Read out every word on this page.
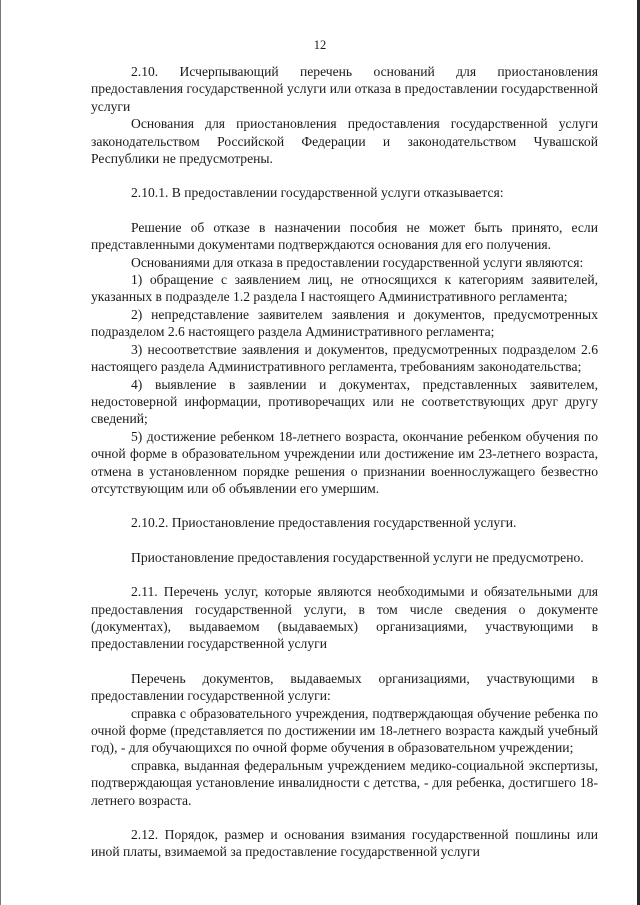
12

2.10. Исчерпывающий перечень оснований для приостановления предоставления государственной услуги или отказа в предоставлении государственной услуги

Основания для приостановления предоставления государственной услуги законодательством Российской Федерации и законодательством Чувашской Республики не предусмотрены.

2.10.1. В предоставлении государственной услуги отказывается:

Решение об отказе в назначении пособия не может быть принято, если представленными документами подтверждаются основания для его получения.

Основаниями для отказа в предоставлении государственной услуги являются:

1) обращение с заявлением лиц, не относящихся к категориям заявителей, указанных в подразделе 1.2 раздела I настоящего Административного регламента;

2) непредставление заявителем заявления и документов, предусмотренных подразделом 2.6 настоящего раздела Административного регламента;

3) несоответствие заявления и документов, предусмотренных подразделом 2.6 настоящего раздела Административного регламента, требованиям законодательства;

4) выявление в заявлении и документах, представленных заявителем, недостоверной информации, противоречащих или не соответствующих друг другу сведений;

5) достижение ребенком 18-летнего возраста, окончание ребенком обучения по очной форме в образовательном учреждении или достижение им 23-летнего возраста, отмена в установленном порядке решения о признании военнослужащего безвестно отсутствующим или об объявлении его умершим.

2.10.2. Приостановление предоставления государственной услуги.

Приостановление предоставления государственной услуги не предусмотрено.

2.11. Перечень услуг, которые являются необходимыми и обязательными для предоставления государственной услуги, в том числе сведения о документе (документах), выдаваемом (выдаваемых) организациями, участвующими в предоставлении государственной услуги

Перечень документов, выдаваемых организациями, участвующими в предоставлении государственной услуги:

справка с образовательного учреждения, подтверждающая обучение ребенка по очной форме (представляется по достижении им 18-летнего возраста каждый учебный год), - для обучающихся по очной форме обучения в образовательном учреждении;

справка, выданная федеральным учреждением медико-социальной экспертизы, подтверждающая установление инвалидности с детства, - для ребенка, достигшего 18-летнего возраста.

2.12. Порядок, размер и основания взимания государственной пошлины или иной платы, взимаемой за предоставление государственной услуги
